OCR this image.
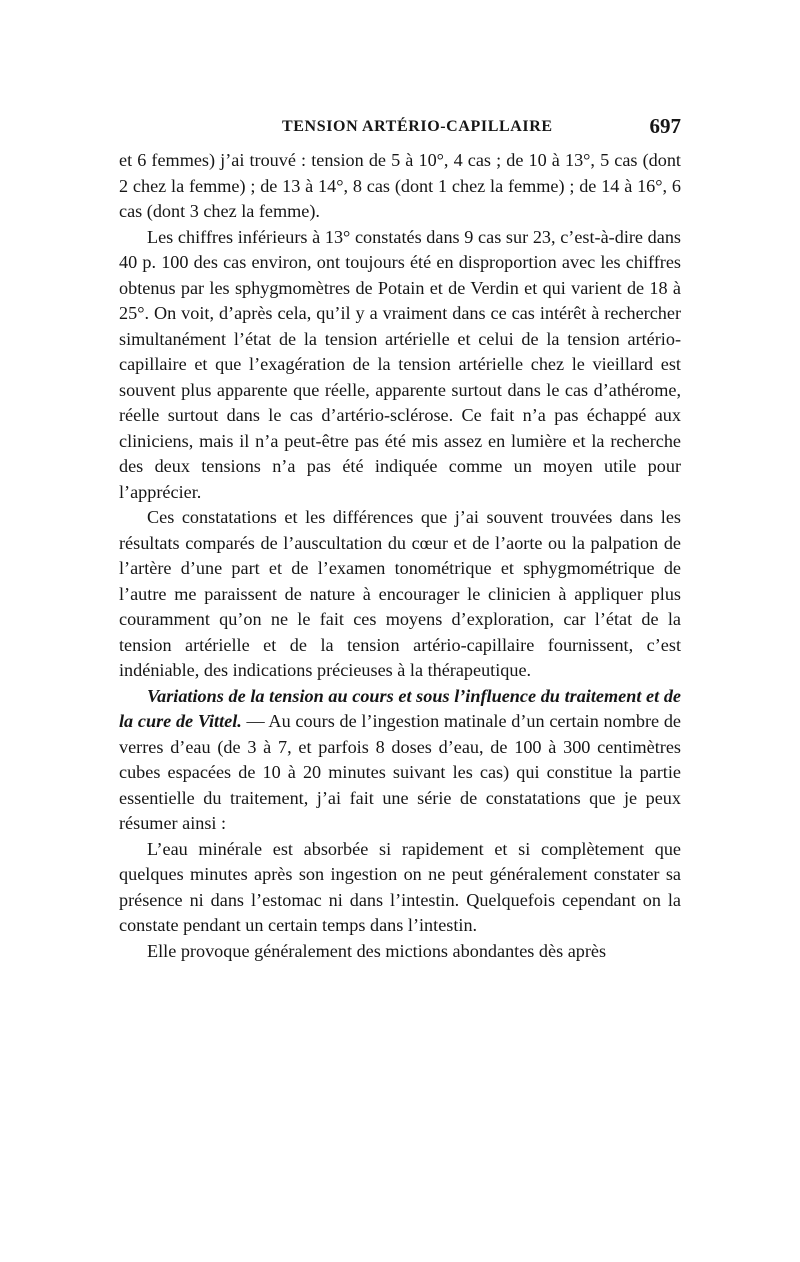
TENSION ARTÉRIO-CAPILLAIRE	697

et 6 femmes) j’ai trouvé : tension de 5 à 10°, 4 cas ; de 10 à 13°, 5 cas (dont 2 chez la femme) ; de 13 à 14°, 8 cas (dont 1 chez la femme) ; de 14 à 16°, 6 cas (dont 3 chez la femme).

Les chiffres inférieurs à 13° constatés dans 9 cas sur 23, c’est-à-dire dans 40 p. 100 des cas environ, ont toujours été en disproportion avec les chiffres obtenus par les sphygmomètres de Potain et de Verdin et qui varient de 18 à 25°. On voit, d’après cela, qu’il y a vraiment dans ce cas intérêt à rechercher simultanément l’état de la tension artérielle et celui de la tension artério-capillaire et que l’exagération de la tension artérielle chez le vieillard est souvent plus apparente que réelle, apparente surtout dans le cas d’athérome, réelle surtout dans le cas d’artério-sclérose. Ce fait n’a pas échappé aux cliniciens, mais il n’a peut-être pas été mis assez en lumière et la recherche des deux tensions n’a pas été indiquée comme un moyen utile pour l’apprécier.

Ces constatations et les différences que j’ai souvent trouvées dans les résultats comparés de l’auscultation du cœur et de l’aorte ou la palpation de l’artère d’une part et de l’examen tonométrique et sphygmométrique de l’autre me paraissent de nature à encourager le clinicien à appliquer plus couramment qu’on ne le fait ces moyens d’exploration, car l’état de la tension artérielle et de la tension artério-capillaire fournissent, c’est indéniable, des indications précieuses à la thérapeutique.

Variations de la tension au cours et sous l’influence du traitement et de la cure de Vittel. — Au cours de l’ingestion matinale d’un certain nombre de verres d’eau (de 3 à 7, et parfois 8 doses d’eau, de 100 à 300 centimètres cubes espacées de 10 à 20 minutes suivant les cas) qui constitue la partie essentielle du traitement, j’ai fait une série de constatations que je peux résumer ainsi :

L’eau minérale est absorbée si rapidement et si complètement que quelques minutes après son ingestion on ne peut généralement constater sa présence ni dans l’estomac ni dans l’intestin. Quelquefois cependant on la constate pendant un certain temps dans l’intestin.

Elle provoque généralement des mictions abondantes dès après
